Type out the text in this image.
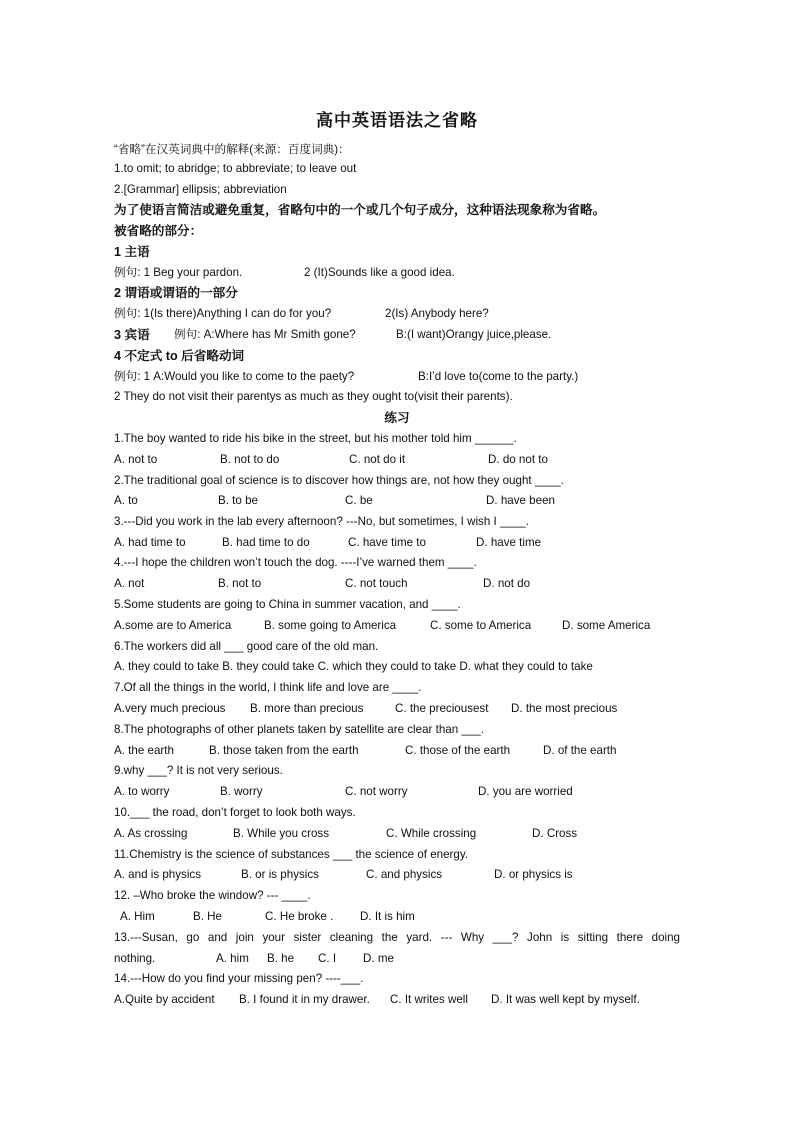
高中英语语法之省略
“省略”在汉英词典中的解释(来源：百度词典)：
1.to omit; to abridge; to abbreviate; to leave out
2.[Grammar] ellipsis; abbreviation
为了使语言简洁或避免重复，省略句中的一个或几个句子成分，这种语法现象称为省略。
被省略的部分：
1 主语
例句: 1 Beg your pardon.	2 (It)Sounds like a good idea.
2 谓语或谓语的一部分
例句: 1(Is there)Anything I can do for you?	2(Is) Anybody here?
3 宾语 例句: A:Where has Mr Smith gone?	B:(I want)Orangy juice,please.
4 不定式 to 后省略动词
例句: 1 A:Would you like to come to the paety?	B:I’d love to(come to the party.)
2 They do not visit their parentys as much as they ought to(visit their parents).
练习
1.The boy wanted to ride his bike in the street, but his mother told him ______.
A. not to	B. not to do	C. not do it	D. do not to
2.The traditional goal of science is to discover how things are, not how they ought ____.
A. to	B. to be	C. be	D. have been
3.---Did you work in the lab every afternoon? ---No, but sometimes, I wish I ____.
A. had time to	B. had time to do	C. have time to	D. have time
4.---I hope the children won’t touch the dog. ----I’ve warned them ____.
A. not	B. not to	C. not touch	D. not do
5.Some students are going to China in summer vacation, and ____.
A.some are to America	B. some going to America	C. some to America	D. some America
6.The workers did all ___ good care of the old man.
A. they could to take B. they could take C. which they could to take D. what they could to take
7.Of all the things in the world, I think life and love are ____.
A.very much precious B. more than precious	C. the preciousest D. the most precious
8.The photographs of other planets taken by satellite are clear than ___.
A. the earth	B. those taken from the earth	C. those of the earth	D. of the earth
9.why ___? It is not very serious.
A. to worry	B. worry	C. not worry	D. you are worried
10.___ the road, don’t forget to look both ways.
A. As crossing	B. While you cross	C. While crossing	D. Cross
11.Chemistry is the science of substances ___ the science of energy.
A. and is physics	B. or is physics	C. and physics	D. or physics is
12. –Who broke the window? --- ____.
A. Him	B. He	C. He broke . D. It is him
13.---Susan, go and join your sister cleaning the yard. --- Why ___? John is sitting there doing
nothing.	A. him B. he C. I D. me
14.---How do you find your missing pen? ----___.
A.Quite by accident B. I found it in my drawer. C. It writes well D. It was well kept by myself.
